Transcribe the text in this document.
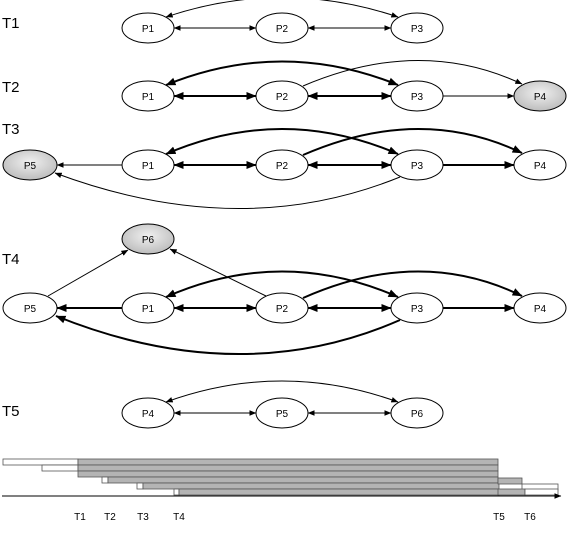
T1	P1	P2	P3
T2
P1	P2	P3	P4
T3
P5	P1	P2	P3	P4
T4
P6
P5	P1	P2	P3	P4
T5	P4	P5	P6
T1 T2 T3 T4	T5 T6
